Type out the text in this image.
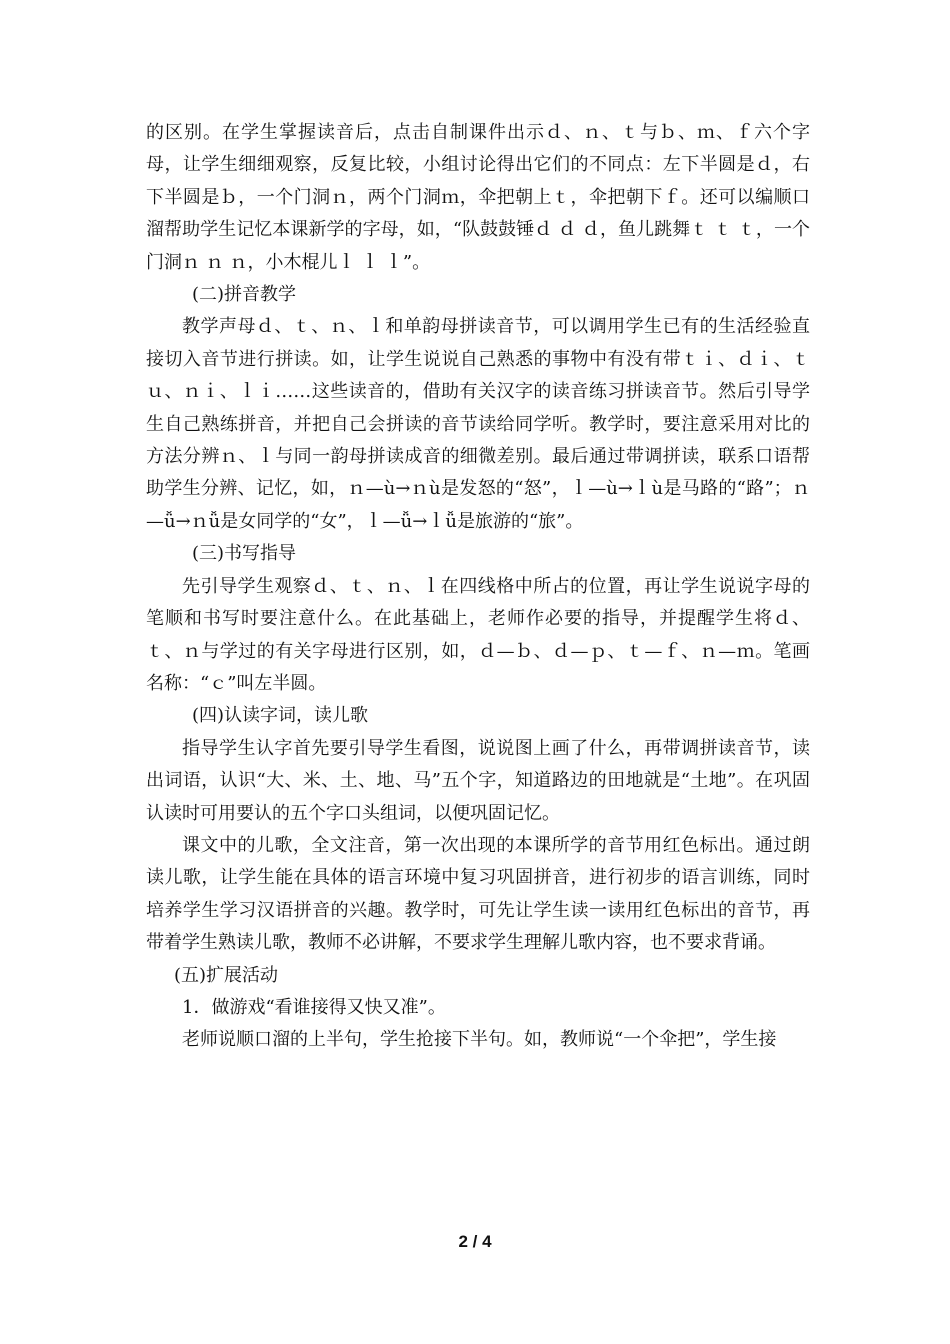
的区别。在学生掌握读音后，点击自制课件出示ｄ、ｎ、ｔ与ｂ、ｍ、ｆ六个字母，让学生细细观察，反复比较，小组讨论得出它们的不同点：左下半圆是ｄ，右下半圆是ｂ，一个门洞ｎ，两个门洞ｍ，伞把朝上ｔ，伞把朝下ｆ。还可以编顺口溜帮助学生记忆本课新学的字母，如，“队鼓鼓锤ｄ ｄ ｄ，鱼儿跳舞ｔ ｔ ｔ，一个门洞ｎ ｎ ｎ，小木棍儿ｌ ｌ ｌ”。

(二)拼音教学

教学声母ｄ、ｔ、ｎ、ｌ和单韵母拼读音节，可以调用学生已有的生活经验直接切入音节进行拼读。如，让学生说说自己熟悉的事物中有没有带ｔｉ、ｄｉ、ｔｕ、ｎｉ、ｌｉ……这些读音的，借助有关汉字的读音练习拼读音节。然后引导学生自己熟练拼音，并把自己会拼读的音节读给同学听。教学时，要注意采用对比的方法分辨ｎ、ｌ与同一韵母拼读成音的细微差别。最后通过带调拼读，联系口语帮助学生分辨、记忆，如，ｎ—ù→ｎù是发怒的“怒”，ｌ—ù→ｌù是马路的“路”；ｎ—ǚ→ｎǚ是女同学的“女”，ｌ—ǚ→ｌǚ是旅游的“旅”。

(三)书写指导

先引导学生观察ｄ、ｔ、ｎ、ｌ在四线格中所占的位置，再让学生说说字母的笔顺和书写时要注意什么。在此基础上，老师作必要的指导，并提醒学生将ｄ、ｔ、ｎ与学过的有关字母进行区别，如，ｄ—ｂ、ｄ—ｐ、ｔ—ｆ、ｎ—ｍ。笔画名称：“ｃ”叫左半圆。

(四)认读字词，读儿歌

指导学生认字首先要引导学生看图，说说图上画了什么，再带调拼读音节，读出词语，认识“大、米、土、地、马”五个字，知道路边的田地就是“土地”。在巩固认读时可用要认的五个字口头组词，以便巩固记忆。

课文中的儿歌，全文注音，第一次出现的本课所学的音节用红色标出。通过朗读儿歌，让学生能在具体的语言环境中复习巩固拼音，进行初步的语言训练，同时培养学生学习汉语拼音的兴趣。教学时，可先让学生读一读用红色标出的音节，再带着学生熟读儿歌，教师不必讲解，不要求学生理解儿歌内容，也不要求背诵。

(五)扩展活动

1．做游戏“看谁接得又快又准”。

老师说顺口溜的上半句，学生抢接下半句。如，教师说“一个伞把”，学生接

2 / 4
